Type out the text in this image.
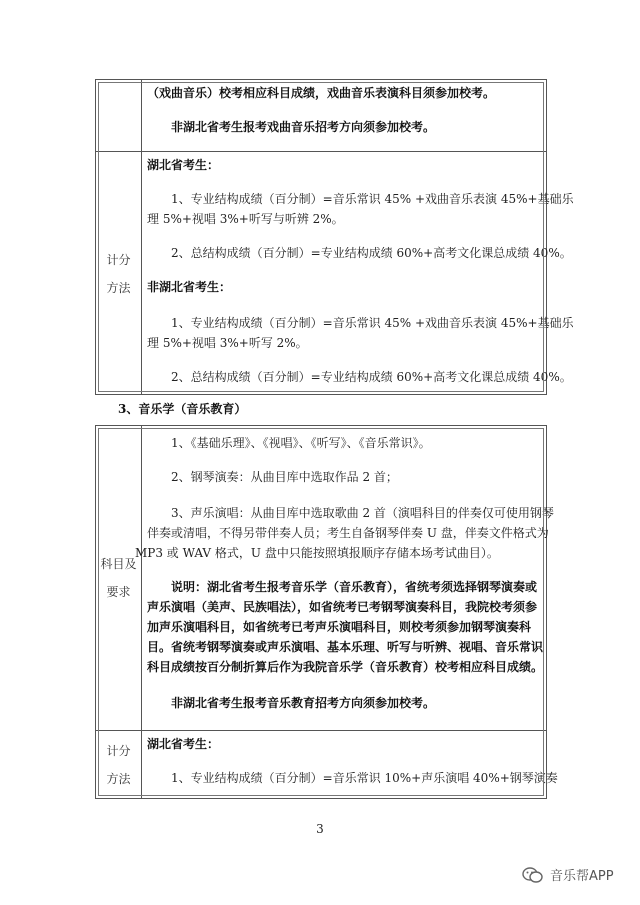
（戏曲音乐）校考相应科目成绩，戏曲音乐表演科目须参加校考。
非湖北省考生报考戏曲音乐招考方向须参加校考。
计分
方法
湖北省考生：
1、专业结构成绩（百分制）=音乐常识 45% +戏曲音乐表演 45%+基础乐
理 5%+视唱 3%+听写与听辨 2%。
2、总结构成绩（百分制）=专业结构成绩 60%+高考文化课总成绩 40%。
非湖北省考生：
1、专业结构成绩（百分制）=音乐常识 45% +戏曲音乐表演 45%+基础乐
理 5%+视唱 3%+听写 2%。
2、总结构成绩（百分制）=专业结构成绩 60%+高考文化课总成绩 40%。
3、音乐学（音乐教育）
科目及
要求
1、《基础乐理》、《视唱》、《听写》、《音乐常识》。
2、钢琴演奏：从曲目库中选取作品 2 首；
3、声乐演唱：从曲目库中选取歌曲 2 首（演唱科目的伴奏仅可使用钢琴
伴奏或清唱，不得另带伴奏人员；考生自备钢琴伴奏 U 盘，伴奏文件格式为
MP3 或 WAV 格式，U 盘中只能按照填报顺序存储本场考试曲目）。
说明：湖北省考生报考音乐学（音乐教育），省统考须选择钢琴演奏或
声乐演唱（美声、民族唱法），如省统考已考钢琴演奏科目，我院校考须参
加声乐演唱科目，如省统考已考声乐演唱科目，则校考须参加钢琴演奏科
目。省统考钢琴演奏或声乐演唱、基本乐理、听写与听辨、视唱、音乐常识
科目成绩按百分制折算后作为我院音乐学（音乐教育）校考相应科目成绩。
非湖北省考生报考音乐教育招考方向须参加校考。
计分
方法
湖北省考生：
1、专业结构成绩（百分制）=音乐常识 10%+声乐演唱 40%+钢琴演奏
3
音乐帮APP
